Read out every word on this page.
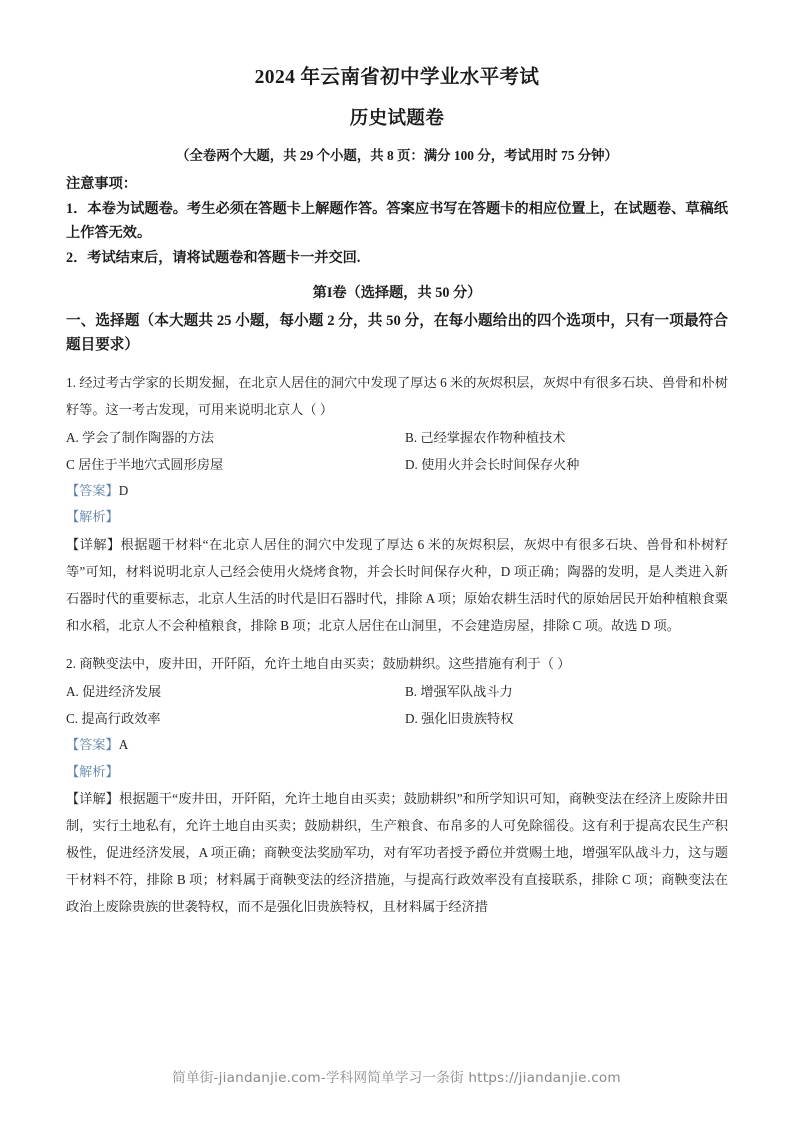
2024 年云南省初中学业水平考试
历史试题卷

（全卷两个大题，共 29 个小题，共 8 页：满分 100 分，考试用时 75 分钟）

注意事项：

1．本卷为试题卷。考生必须在答题卡上解题作答。答案应书写在答题卡的相应位置上，在试题卷、草稿纸上作答无效。

2．考试结束后，请将试题卷和答题卡一并交回.

第I卷（选择题，共 50 分）

一、选择题（本大题共 25 小题，每小题 2 分，共 50 分，在每小题给出的四个选项中，只有一项最符合题目要求）

1. 经过考古学家的长期发掘，在北京人居住的洞穴中发现了厚达 6 米的灰烬积层，灰烬中有很多石块、兽骨和朴树籽等。这一考古发现，可用来说明北京人（ ）

A. 学会了制作陶器的方法	B. 己经掌握农作物种植技术
C 居住于半地穴式圆形房屋	D. 使用火并会长时间保存火种

【答案】D

【解析】

【详解】根据题干材料“在北京人居住的洞穴中发现了厚达 6 米的灰烬积层，灰烬中有很多石块、兽骨和朴树籽等”可知，材料说明北京人己经会使用火烧烤食物，并会长时间保存火种，D 项正确；陶器的发明，是人类进入新石器时代的重要标志，北京人生活的时代是旧石器时代，排除 A 项；原始农耕生活时代的原始居民开始种植粮食粟和水稻，北京人不会种植粮食，排除 B 项；北京人居住在山洞里，不会建造房屋，排除 C 项。故选 D 项。

2. 商鞅变法中，废井田，开阡陌，允许土地自由买卖；鼓励耕织。这些措施有利于（ ）

A. 促进经济发展	B. 增强军队战斗力
C. 提高行政效率	D. 强化旧贵族特权

【答案】A

【解析】

【详解】根据题干“废井田，开阡陌，允许土地自由买卖；鼓励耕织”和所学知识可知，商鞅变法在经济上废除井田制，实行土地私有，允许土地自由买卖；鼓励耕织，生产粮食、布帛多的人可免除徭役。这有利于提高农民生产积极性，促进经济发展，A 项正确；商鞅变法奖励军功，对有军功者授予爵位并赏赐土地，增强军队战斗力，这与题干材料不符，排除 B 项；材料属于商鞅变法的经济措施，与提高行政效率没有直接联系，排除 C 项；商鞅变法在政治上废除贵族的世袭特权，而不是强化旧贵族特权，且材料属于经济措

简单街-jiandanjie.com-学科网简单学习一条街 https://jiandanjie.com
